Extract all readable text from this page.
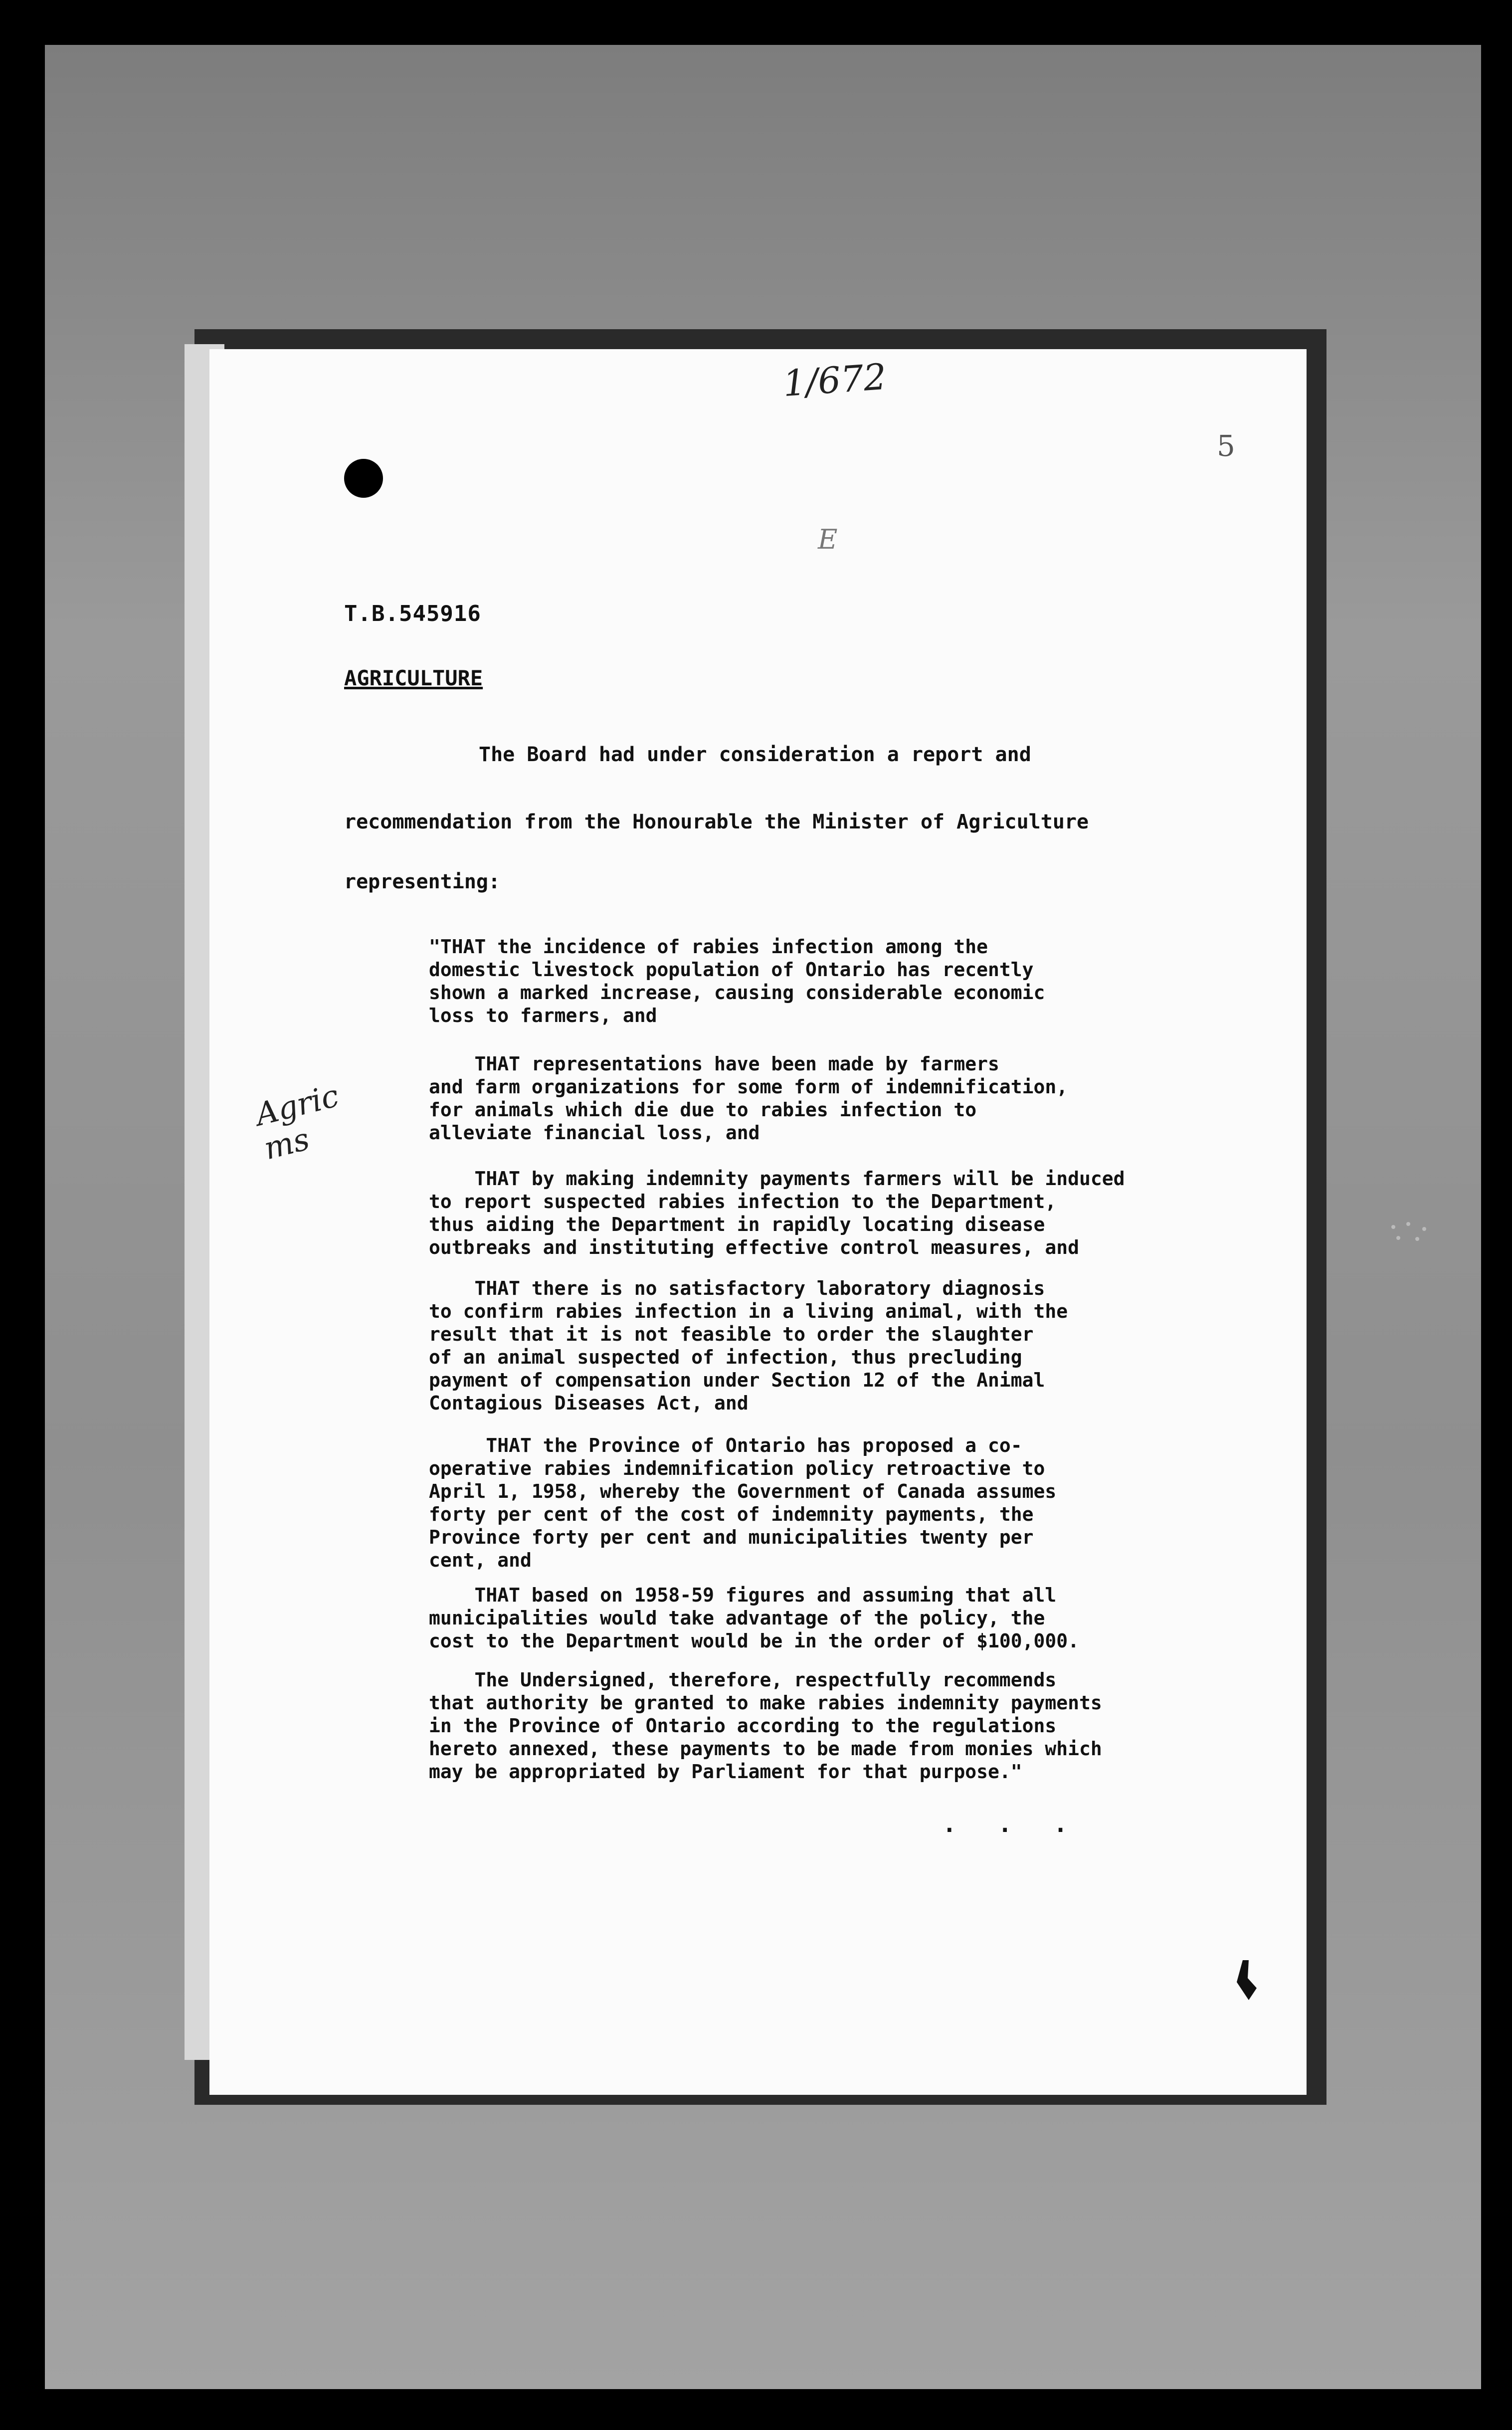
1/672
5
E
Agric
ms
T.B.545916
AGRICULTURE
The Board had under consideration a report and
recommendation from the Honourable the Minister of Agriculture
representing:
"THAT the incidence of rabies infection among the
domestic livestock population of Ontario has recently
shown a marked increase, causing considerable economic
loss to farmers, and
THAT representations have been made by farmers
and farm organizations for some form of indemnification,
for animals which die due to rabies infection to
alleviate financial loss, and
THAT by making indemnity payments farmers will be induced
to report suspected rabies infection to the Department,
thus aiding the Department in rapidly locating disease
outbreaks and instituting effective control measures, and
THAT there is no satisfactory laboratory diagnosis
to confirm rabies infection in a living animal, with the
result that it is not feasible to order the slaughter
of an animal suspected of infection, thus precluding
payment of compensation under Section 12 of the Animal
Contagious Diseases Act, and
THAT the Province of Ontario has proposed a co-
operative rabies indemnification policy retroactive to
April 1, 1958, whereby the Government of Canada assumes
forty per cent of the cost of indemnity payments, the
Province forty per cent and municipalities twenty per
cent, and
THAT based on 1958-59 figures and assuming that all
municipalities would take advantage of the policy, the
cost to the Department would be in the order of $100,000.
The Undersigned, therefore, respectfully recommends
that authority be granted to make rabies indemnity payments
in the Province of Ontario according to the regulations
hereto annexed, these payments to be made from monies which
may be appropriated by Parliament for that purpose."
. . .
